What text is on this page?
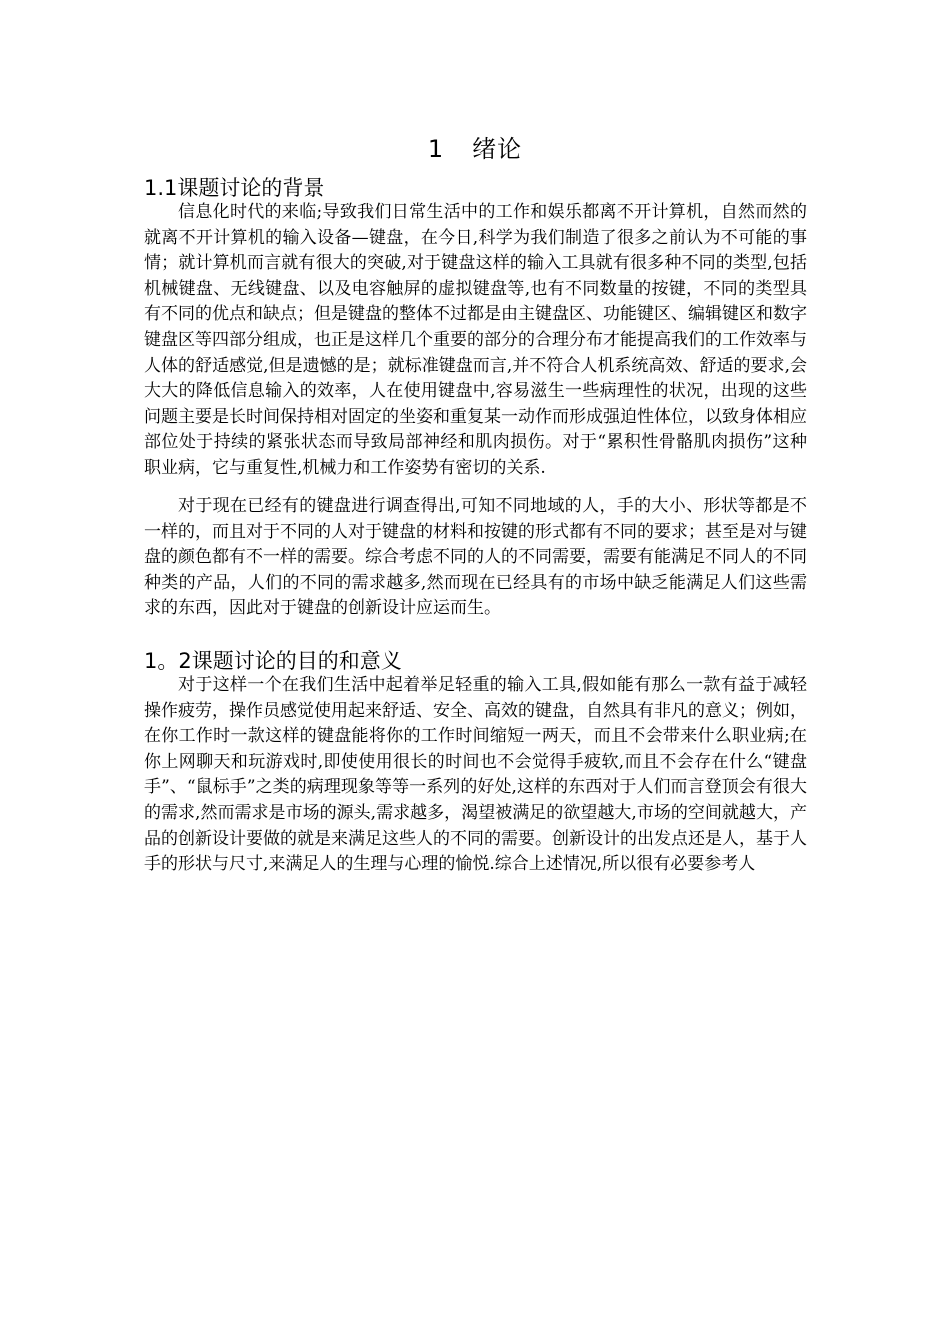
1 绪论
1.1课题讨论的背景

信息化时代的来临;导致我们日常生活中的工作和娱乐都离不开计算机，自然而然的就离不开计算机的输入设备—键盘，在今日,科学为我们制造了很多之前认为不可能的事情；就计算机而言就有很大的突破,对于键盘这样的输入工具就有很多种不同的类型,包括机械键盘、无线键盘、以及电容触屏的虚拟键盘等,也有不同数量的按键，不同的类型具有不同的优点和缺点；但是键盘的整体不过都是由主键盘区、功能键区、编辑键区和数字键盘区等四部分组成，也正是这样几个重要的部分的合理分布才能提高我们的工作效率与人体的舒适感觉,但是遗憾的是；就标准键盘而言,并不符合人机系统高效、舒适的要求,会大大的降低信息输入的效率，人在使用键盘中,容易滋生一些病理性的状况，出现的这些问题主要是长时间保持相对固定的坐姿和重复某一动作而形成强迫性体位，以致身体相应部位处于持续的紧张状态而导致局部神经和肌肉损伤。对于“累积性骨骼肌肉损伤”这种职业病，它与重复性,机械力和工作姿势有密切的关系.

对于现在已经有的键盘进行调查得出,可知不同地域的人，手的大小、形状等都是不一样的，而且对于不同的人对于键盘的材料和按键的形式都有不同的要求；甚至是对与键盘的颜色都有不一样的需要。综合考虑不同的人的不同需要，需要有能满足不同人的不同种类的产品，人们的不同的需求越多,然而现在已经具有的市场中缺乏能满足人们这些需求的东西，因此对于键盘的创新设计应运而生。

1。2课题讨论的目的和意义

对于这样一个在我们生活中起着举足轻重的输入工具,假如能有那么一款有益于减轻操作疲劳，操作员感觉使用起来舒适、安全、高效的键盘，自然具有非凡的意义；例如，在你工作时一款这样的键盘能将你的工作时间缩短一两天，而且不会带来什么职业病;在你上网聊天和玩游戏时,即使使用很长的时间也不会觉得手疲软,而且不会存在什么“键盘手”、“鼠标手”之类的病理现象等等一系列的好处,这样的东西对于人们而言登顶会有很大的需求,然而需求是市场的源头,需求越多，渴望被满足的欲望越大,市场的空间就越大，产品的创新设计要做的就是来满足这些人的不同的需要。创新设计的出发点还是人，基于人手的形状与尺寸,来满足人的生理与心理的愉悦.综合上述情况,所以很有必要参考人
